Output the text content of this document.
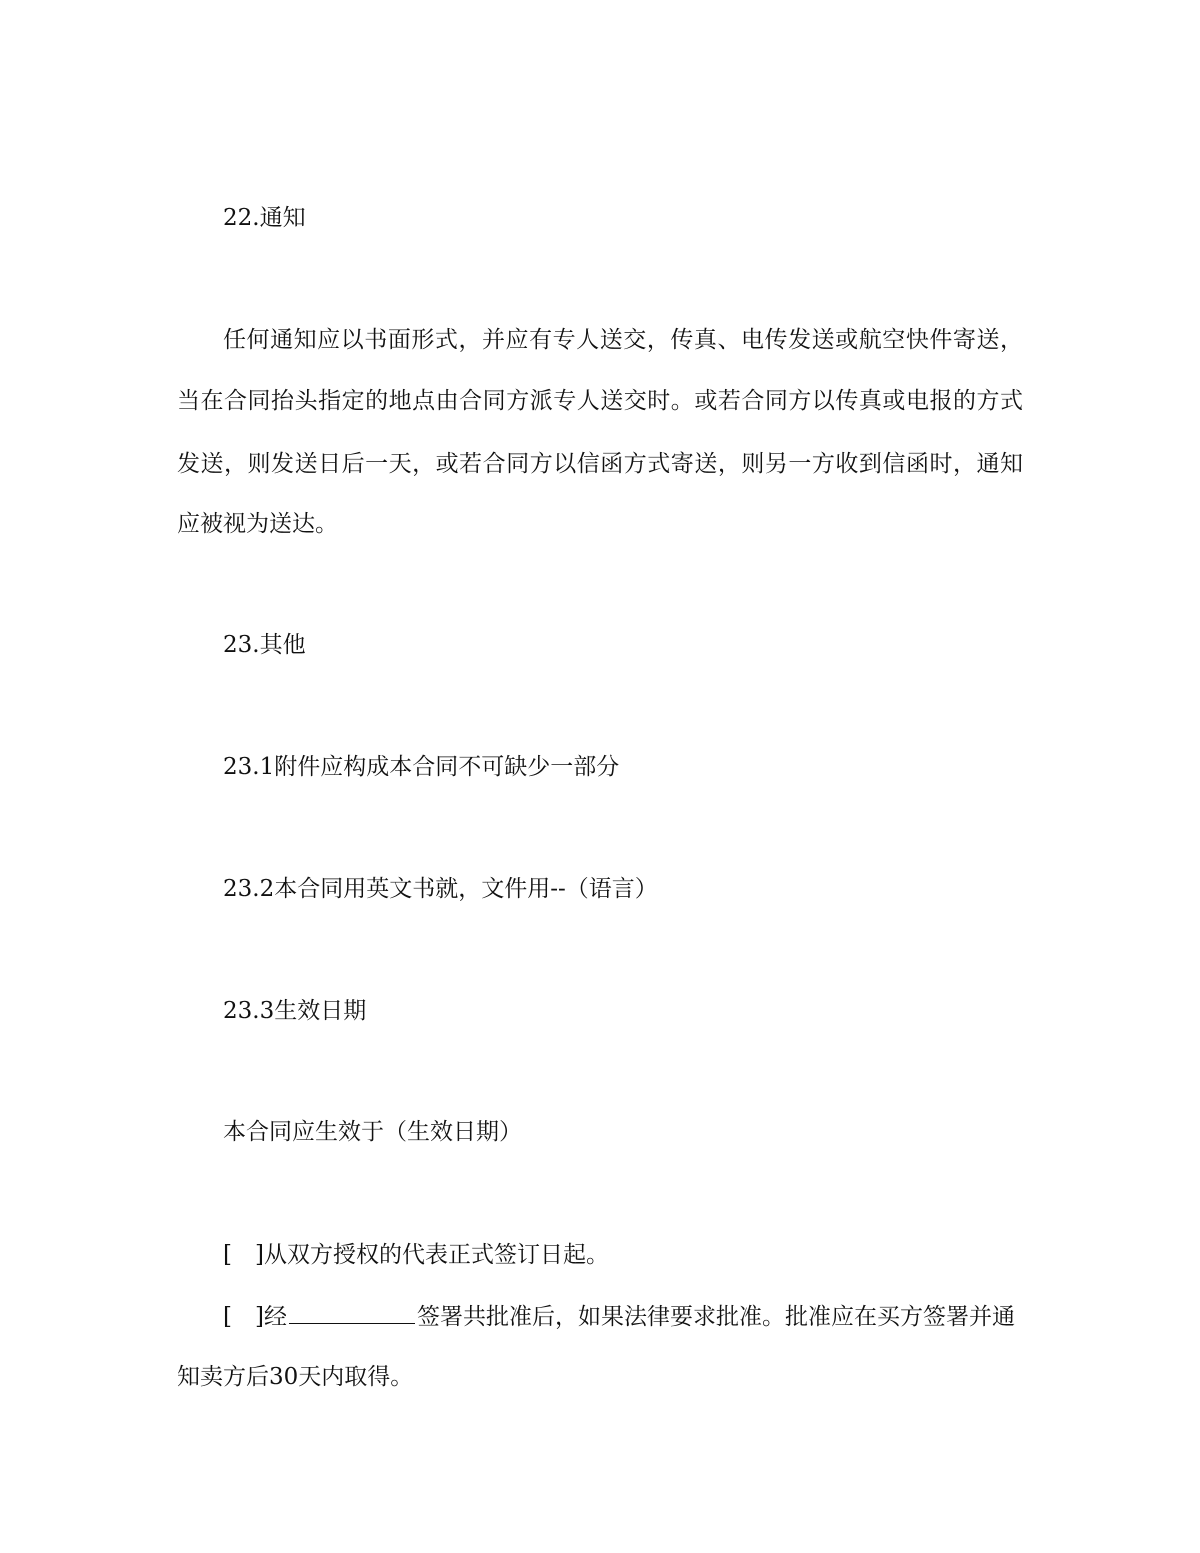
22.通知

任何通知应以书面形式，并应有专人送交，传真、电传发送或航空快件寄送，

当在合同抬头指定的地点由合同方派专人送交时。或若合同方以传真或电报的方式

发送，则发送日后一天，或若合同方以信函方式寄送，则另一方收到信函时，通知

应被视为送达。

23.其他

23.1附件应构成本合同不可缺少一部分

23.2本合同用英文书就，文件用--（语言）

23.3生效日期

本合同应生效于（生效日期）

[　]从双方授权的代表正式签订日起。

[　]经	签署共批准后，如果法律要求批准。批准应在买方签署并通

知卖方后30天内取得。
